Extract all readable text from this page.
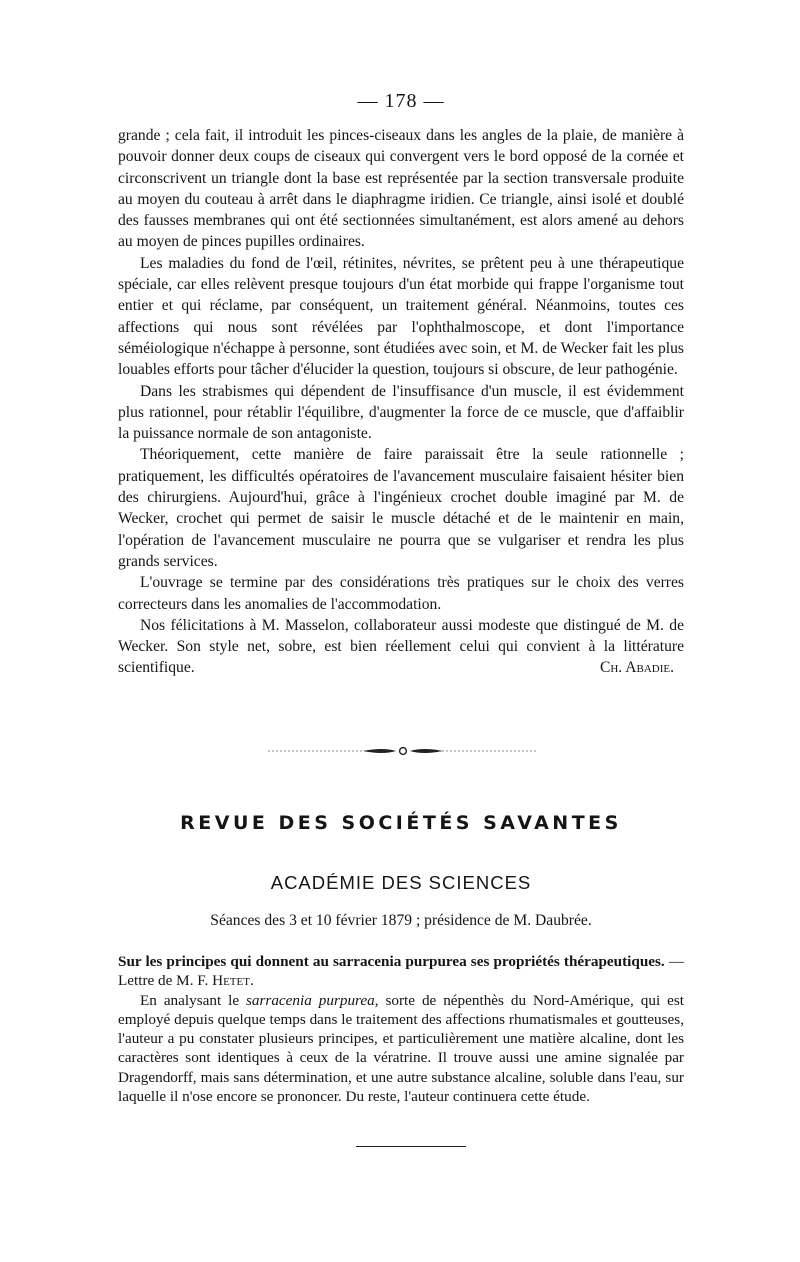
— 178 —

grande ; cela fait, il introduit les pinces-ciseaux dans les angles de la plaie, de manière à pouvoir donner deux coups de ciseaux qui convergent vers le bord opposé de la cornée et circonscrivent un triangle dont la base est représentée par la section transversale produite au moyen du couteau à arrêt dans le diaphragme iridien. Ce triangle, ainsi isolé et doublé des fausses membranes qui ont été sectionnées simultanément, est alors amené au dehors au moyen de pinces pupilles ordinaires.

Les maladies du fond de l'œil, rétinites, névrites, se prêtent peu à une thérapeutique spéciale, car elles relèvent presque toujours d'un état morbide qui frappe l'organisme tout entier et qui réclame, par conséquent, un traitement général. Néanmoins, toutes ces affections qui nous sont révélées par l'ophthalmoscope, et dont l'importance séméiologique n'échappe à personne, sont étudiées avec soin, et M. de Wecker fait les plus louables efforts pour tâcher d'élucider la question, toujours si obscure, de leur pathogénie.

Dans les strabismes qui dépendent de l'insuffisance d'un muscle, il est évidemment plus rationnel, pour rétablir l'équilibre, d'augmenter la force de ce muscle, que d'affaiblir la puissance normale de son antagoniste.

Théoriquement, cette manière de faire paraissait être la seule rationnelle ; pratiquement, les difficultés opératoires de l'avancement musculaire faisaient hésiter bien des chirurgiens. Aujourd'hui, grâce à l'ingénieux crochet double imaginé par M. de Wecker, crochet qui permet de saisir le muscle détaché et de le maintenir en main, l'opération de l'avancement musculaire ne pourra que se vulgariser et rendra les plus grands services.

L'ouvrage se termine par des considérations très pratiques sur le choix des verres correcteurs dans les anomalies de l'accommodation.

Nos félicitations à M. Masselon, collaborateur aussi modeste que distingué de M. de Wecker. Son style net, sobre, est bien réellement celui qui convient à la littérature scientifique.	Ch. Abadie.

REVUE DES SOCIÉTÉS SAVANTES
ACADÉMIE DES SCIENCES
Séances des 3 et 10 février 1879 ; présidence de M. Daubrée.

Sur les principes qui donnent au sarracenia purpurea ses propriétés thérapeutiques. — Lettre de M. F. Hetet.

En analysant le sarracenia purpurea, sorte de népenthès du Nord-Amérique, qui est employé depuis quelque temps dans le traitement des affections rhumatismales et goutteuses, l'auteur a pu constater plusieurs principes, et particulièrement une matière alcaline, dont les caractères sont identiques à ceux de la vératrine. Il trouve aussi une amine signalée par Dragendorff, mais sans détermination, et une autre substance alcaline, soluble dans l'eau, sur laquelle il n'ose encore se prononcer. Du reste, l'auteur continuera cette étude.
